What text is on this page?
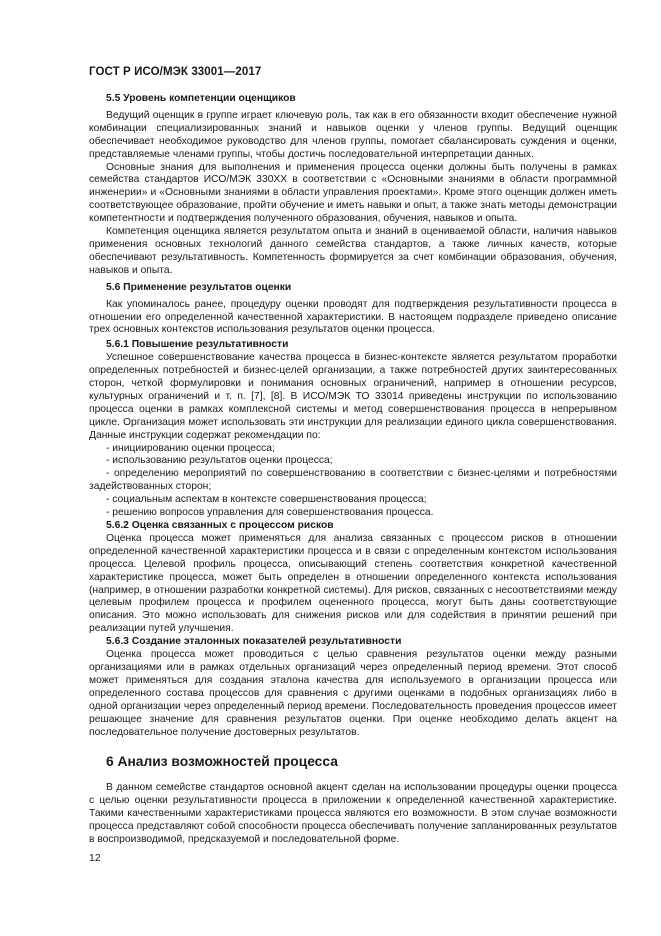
ГОСТ Р ИСО/МЭК 33001—2017

5.5 Уровень компетенции оценщиков

Ведущий оценщик в группе играет ключевую роль, так как в его обязанности входит обеспечение нужной комбинации специализированных знаний и навыков оценки у членов группы. Ведущий оценщик обеспечивает необходимое руководство для членов группы, помогает сбалансировать суждения и оценки, представляемые членами группы, чтобы достичь последовательной интерпретации данных.

Основные знания для выполнения и применения процесса оценки должны быть получены в рамках семейства стандартов ИСО/МЭК 330XX в соответствии с «Основными знаниями в области программной инженерии» и «Основными знаниями в области управления проектами». Кроме этого оценщик должен иметь соответствующее образование, пройти обучение и иметь навыки и опыт, а также знать методы демонстрации компетентности и подтверждения полученного образования, обучения, навыков и опыта.

Компетенция оценщика является результатом опыта и знаний в оцениваемой области, наличия навыков применения основных технологий данного семейства стандартов, а также личных качеств, которые обеспечивают результативность. Компетенность формируется за счет комбинации образования, обучения, навыков и опыта.

5.6 Применение результатов оценки

Как упоминалось ранее, процедуру оценки проводят для подтверждения результативности процесса в отношении его определенной качественной характеристики. В настоящем подразделе приведено описание трех основных контекстов использования результатов оценки процесса.

5.6.1 Повышение результативности

Успешное совершенствование качества процесса в бизнес-контексте является результатом проработки определенных потребностей и бизнес-целей организации, а также потребностей других заинтересованных сторон, четкой формулировки и понимания основных ограничений, например в отношении ресурсов, культурных ограничений и т. п. [7], [8]. В ИСО/МЭК ТО 33014 приведены инструкции по использованию процесса оценки в рамках комплексной системы и метод совершенствования процесса в непрерывном цикле. Организация может использовать эти инструкции для реализации единого цикла совершенствования. Данные инструкции содержат рекомендации по:

- инициированию оценки процесса;

- использованию результатов оценки процесса;

- определению мероприятий по совершенствованию в соответствии с бизнес-целями и потребностями задействованных сторон;

- социальным аспектам в контексте совершенствования процесса;

- решению вопросов управления для совершенствования процесса.

5.6.2 Оценка связанных с процессом рисков

Оценка процесса может применяться для анализа связанных с процессом рисков в отношении определенной качественной характеристики процесса и в связи с определенным контекстом использования процесса. Целевой профиль процесса, описывающий степень соответствия конкретной качественной характеристике процесса, может быть определен в отношении определенного контекста использования (например, в отношении разработки конкретной системы). Для рисков, связанных с несоответствиями между целевым профилем процесса и профилем оцененного процесса, могут быть даны соответствующие описания. Это можно использовать для снижения рисков или для содействия в принятии решений при реализации путей улучшения.

5.6.3 Создание эталонных показателей результативности

Оценка процесса может проводиться с целью сравнения результатов оценки между разными организациями или в рамках отдельных организаций через определенный период времени. Этот способ может применяться для создания эталона качества для используемого в организации процесса или определенного состава процессов для сравнения с другими оценками в подобных организациях либо в одной организации через определенный период времени. Последовательность проведения процессов имеет решающее значение для сравнения результатов оценки. При оценке необходимо делать акцент на последовательное получение достоверных результатов.

6 Анализ возможностей процесса

В данном семействе стандартов основной акцент сделан на использовании процедуры оценки процесса с целью оценки результативности процесса в приложении к определенной качественной характеристике. Такими качественными характеристиками процесса являются его возможности. В этом случае возможности процесса представляют собой способности процесса обеспечивать получение запланированных результатов в воспроизводимой, предсказуемой и последовательной форме.

12
